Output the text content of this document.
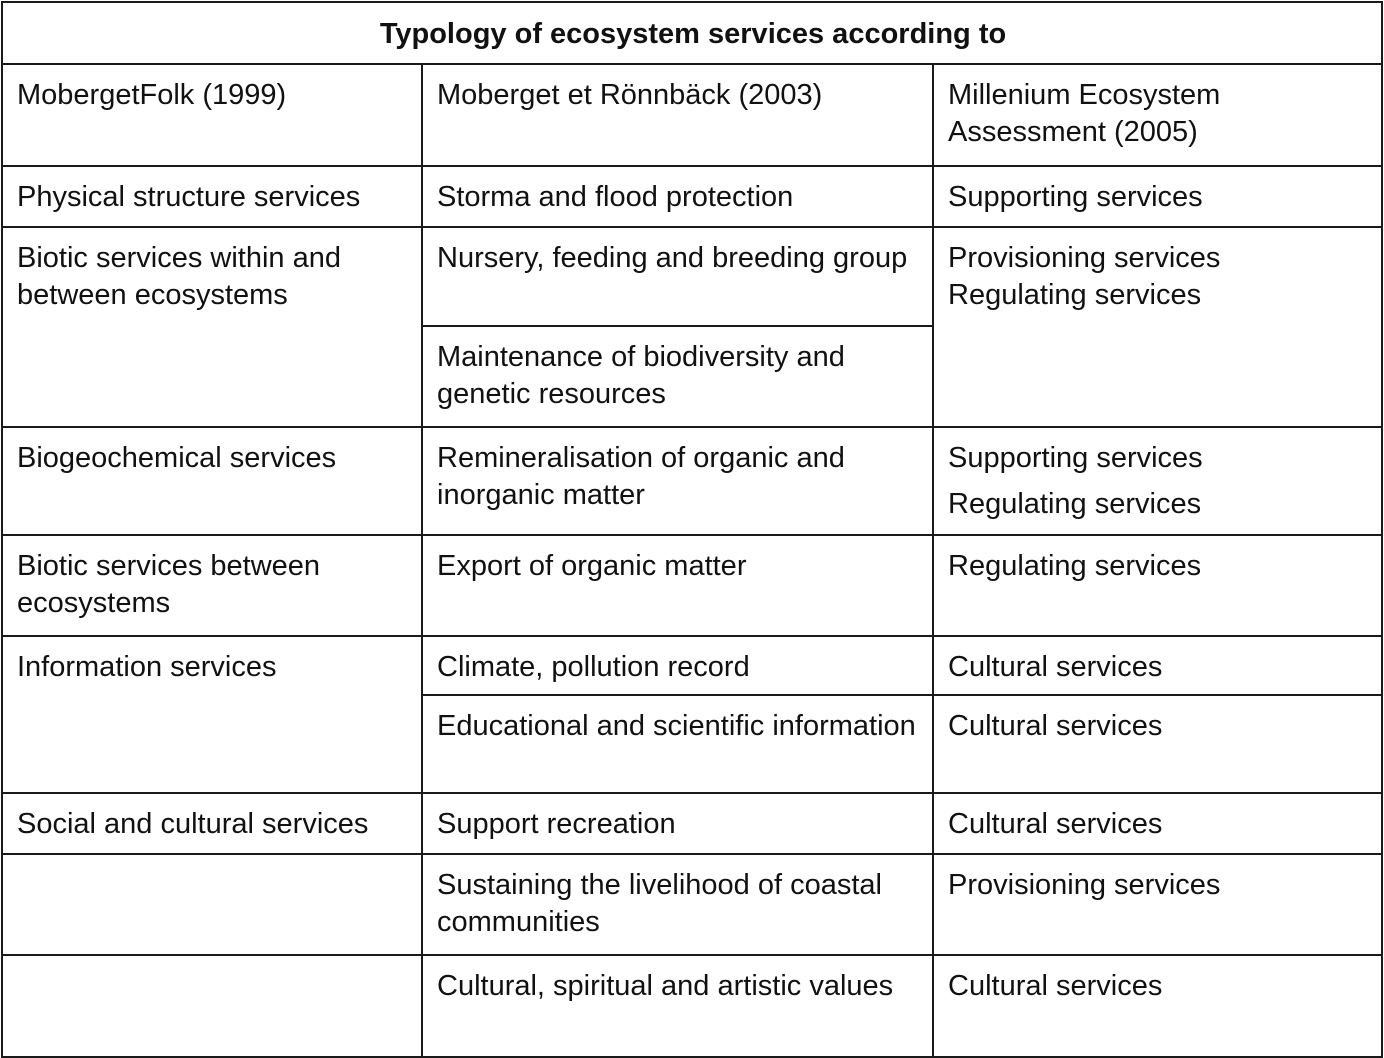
Typology of ecosystem services according to		
MobergetFolk (1999)	Moberget et Rönnbäck (2003)	Millenium Ecosystem Assessment (2005)
Physical structure services	Storma and flood protection	Supporting services

Biotic services within and between ecosystems	Nursery, feeding and breeding group	Provisioning services
Regulating services

	Maintenance of biodiversity and genetic resources	
Biogeochemical services	Remineralisation of organic and inorganic matter	Supporting services
Regulating services

Biotic services between ecosystems	Export of organic matter	Regulating services

Information services	Climate, pollution record	Cultural services

	Educational and scientific information	Cultural services

Social and cultural services	Support recreation	Cultural services

	Sustaining the livelihood of coastal communities	Provisioning services

	Cultural, spiritual and artistic values	Cultural services
